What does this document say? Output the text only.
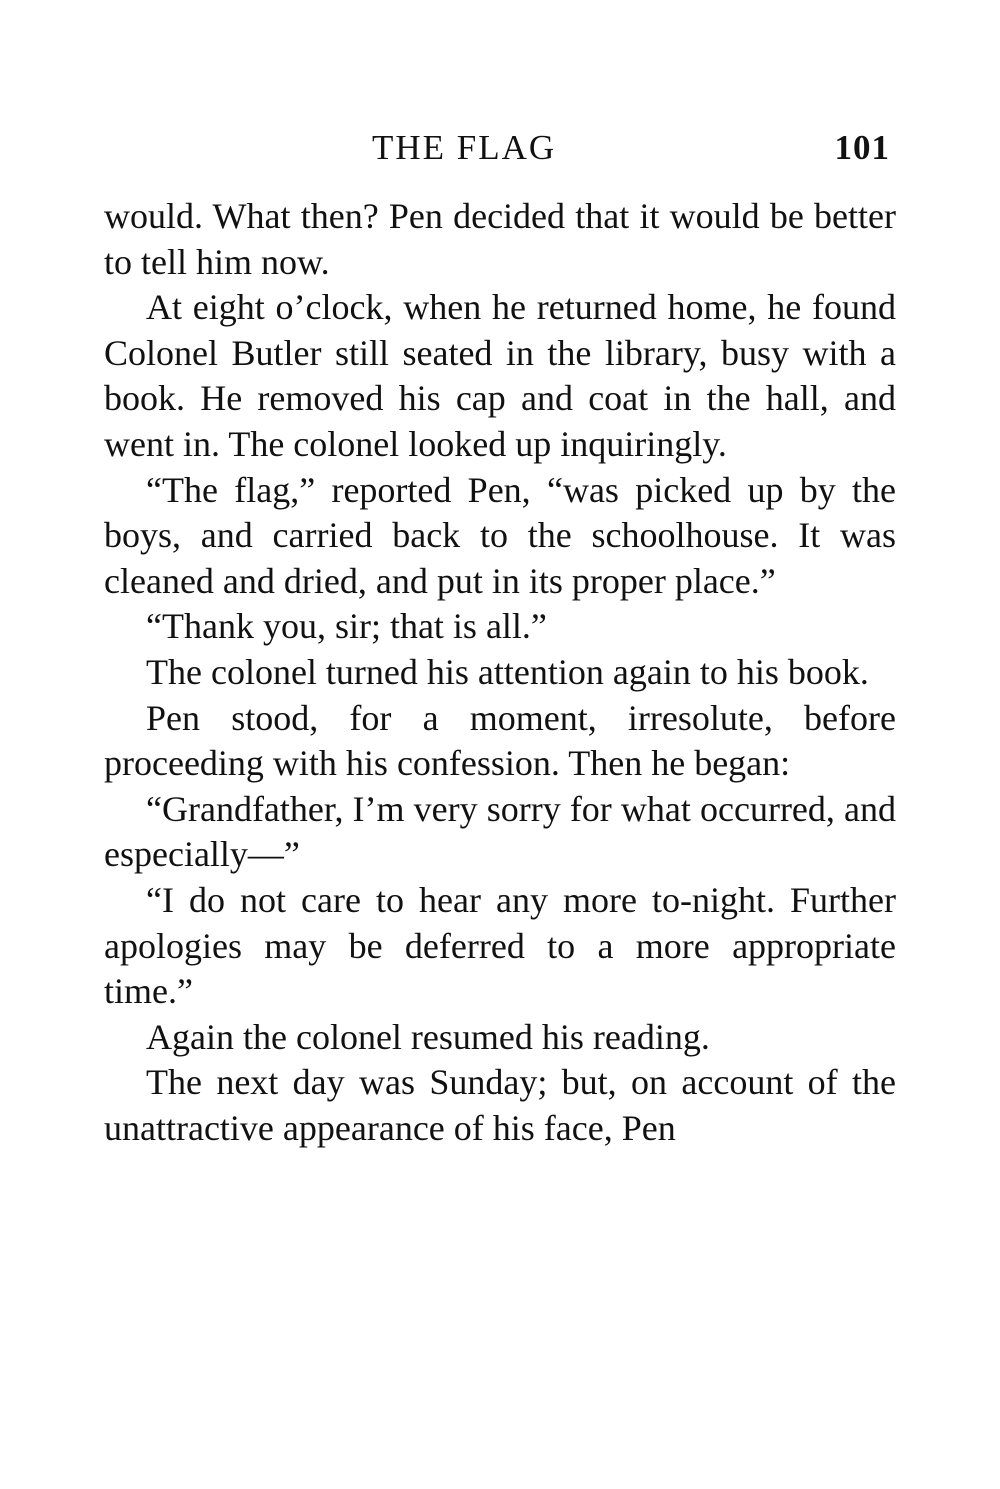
THE FLAG	101

would. What then? Pen decided that it would be better to tell him now.

At eight o’clock, when he returned home, he found Colonel Butler still seated in the library, busy with a book. He removed his cap and coat in the hall, and went in. The colonel looked up inquiringly.

“The flag,” reported Pen, “was picked up by the boys, and carried back to the schoolhouse. It was cleaned and dried, and put in its proper place.”

“Thank you, sir; that is all.”

The colonel turned his attention again to his book.

Pen stood, for a moment, irresolute, before proceeding with his confession. Then he began:

“Grandfather, I’m very sorry for what occurred, and especially—”

“I do not care to hear any more to-night. Further apologies may be deferred to a more appropriate time.”

Again the colonel resumed his reading.

The next day was Sunday; but, on account of the unattractive appearance of his face, Pen
